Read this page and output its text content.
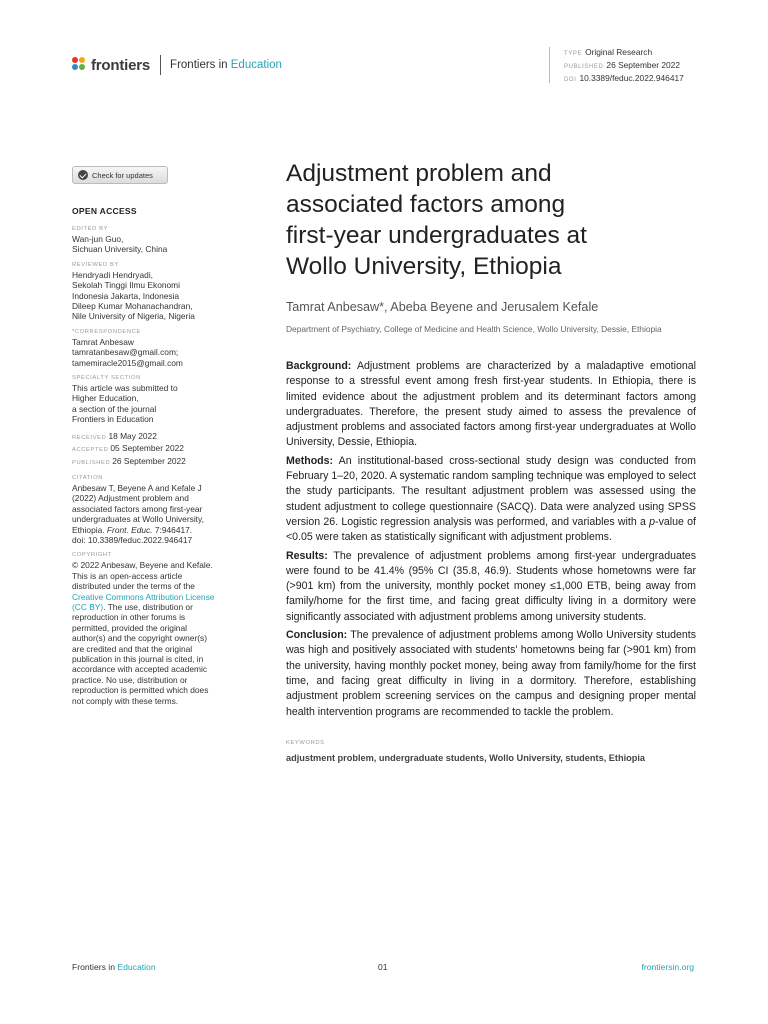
frontiers Frontiers in Education
TYPE Original Research
PUBLISHED 26 September 2022
DOI 10.3389/feduc.2022.946417
Check for updates
OPEN ACCESS
EDITED BY
Wan-jun Guo,
Sichuan University, China
REVIEWED BY
Hendryadi Hendryadi,
Sekolah Tinggi Ilmu Ekonomi
Indonesia Jakarta, Indonesia
Dileep Kumar Mohanachandran,
Nile University of Nigeria, Nigeria
*CORRESPONDENCE
Tamrat Anbesaw
tamratanbesaw@gmail.com;
tamemiracle2015@gmail.com
SPECIALTY SECTION
This article was submitted to
Higher Education,
a section of the journal
Frontiers in Education
RECEIVED 18 May 2022
ACCEPTED 05 September 2022
PUBLISHED 26 September 2022
CITATION
Anbesaw T, Beyene A and Kefale J
(2022) Adjustment problem and
associated factors among first-year
undergraduates at Wollo University,
Ethiopia. Front. Educ. 7:946417.
doi: 10.3389/feduc.2022.946417
COPYRIGHT
© 2022 Anbesaw, Beyene and Kefale.
This is an open-access article
distributed under the terms of the
Creative Commons Attribution License
(CC BY). The use, distribution or
reproduction in other forums is
permitted, provided the original
author(s) and the copyright owner(s)
are credited and that the original
publication in this journal is cited, in
accordance with accepted academic
practice. No use, distribution or
reproduction is permitted which does
not comply with these terms.
Adjustment problem and
associated factors among
first-year undergraduates at
Wollo University, Ethiopia
Tamrat Anbesaw*, Abeba Beyene and Jerusalem Kefale
Department of Psychiatry, College of Medicine and Health Science, Wollo University, Dessie, Ethiopia

Background: Adjustment problems are characterized by a maladaptive emotional response to a stressful event among fresh first-year students. In Ethiopia, there is limited evidence about the adjustment problem and its determinant factors among undergraduates. Therefore, the present study aimed to assess the prevalence of adjustment problems and associated factors among first-year undergraduates at Wollo University, Dessie, Ethiopia.

Methods: An institutional-based cross-sectional study design was conducted from February 1–20, 2020. A systematic random sampling technique was employed to select the study participants. The resultant adjustment problem was assessed using the student adjustment to college questionnaire (SACQ). Data were analyzed using SPSS version 26. Logistic regression analysis was performed, and variables with a p-value of <0.05 were taken as statistically significant with adjustment problems.

Results: The prevalence of adjustment problems among first-year undergraduates were found to be 41.4% (95% CI (35.8, 46.9). Students whose hometowns were far (>901 km) from the university, monthly pocket money ≤1,000 ETB, being away from family/home for the first time, and facing great difficulty living in a dormitory were significantly associated with adjustment problems among university students.

Conclusion: The prevalence of adjustment problems among Wollo University students was high and positively associated with students' hometowns being far (>901 km) from the university, having monthly pocket money, being away from family/home for the first time, and facing great difficulty in living in a dormitory. Therefore, establishing adjustment problem screening services on the campus and designing proper mental health intervention programs are recommended to tackle the problem.

KEYWORDS
adjustment problem, undergraduate students, Wollo University, students, Ethiopia
Frontiers in Education	01	frontiersin.org
